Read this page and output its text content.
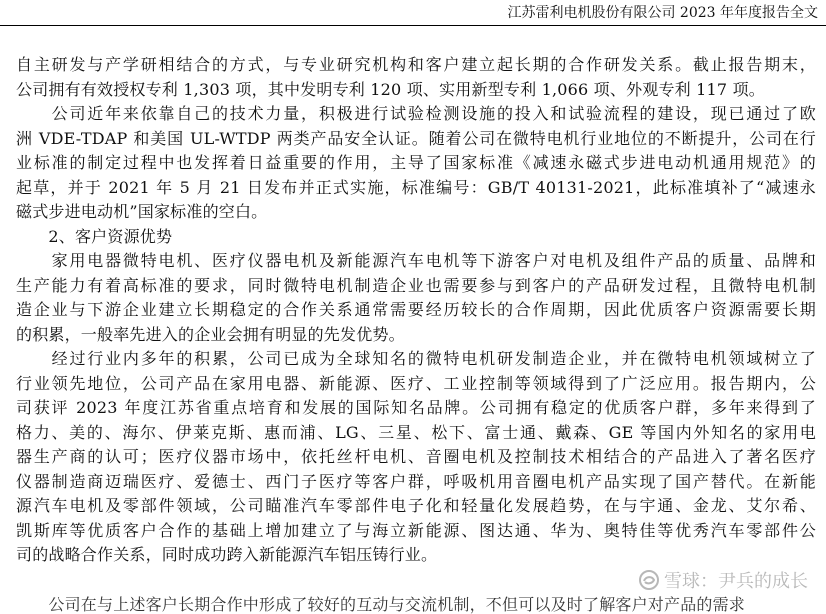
江苏雷利电机股份有限公司 2023 年年度报告全文
自主研发与产学研相结合的方式，与专业研究机构和客户建立起长期的合作研发关系。截止报告期末，
公司拥有有效授权专利 1,303 项，其中发明专利 120 项、实用新型专利 1,066 项、外观专利 117 项。
　　公司近年来依靠自己的技术力量，积极进行试验检测设施的投入和试验流程的建设，现已通过了欧
洲 VDE-TDAP 和美国 UL-WTDP 两类产品安全认证。随着公司在微特电机行业地位的不断提升，公司在行
业标准的制定过程中也发挥着日益重要的作用，主导了国家标准《减速永磁式步进电动机通用规范》的
起草，并于 2021 年 5 月 21 日发布并正式实施，标准编号：GB/T 40131-2021，此标准填补了“减速永
磁式步进电动机”国家标准的空白。
　　2、客户资源优势
　　家用电器微特电机、医疗仪器电机及新能源汽车电机等下游客户对电机及组件产品的质量、品牌和
生产能力有着高标准的要求，同时微特电机制造企业也需要参与到客户的产品研发过程，且微特电机制
造企业与下游企业建立长期稳定的合作关系通常需要经历较长的合作周期，因此优质客户资源需要长期
的积累，一般率先进入的企业会拥有明显的先发优势。
　　经过行业内多年的积累，公司已成为全球知名的微特电机研发制造企业，并在微特电机领域树立了
行业领先地位，公司产品在家用电器、新能源、医疗、工业控制等领域得到了广泛应用。报告期内，公
司获评 2023 年度江苏省重点培育和发展的国际知名品牌。公司拥有稳定的优质客户群，多年来得到了
格力、美的、海尔、伊莱克斯、惠而浦、LG、三星、松下、富士通、戴森、GE 等国内外知名的家用电
器生产商的认可；医疗仪器市场中，依托丝杆电机、音圈电机及控制技术相结合的产品进入了著名医疗
仪器制造商迈瑞医疗、爱德士、西门子医疗等客户群，呼吸机用音圈电机产品实现了国产替代。在新能
源汽车电机及零部件领域，公司瞄准汽车零部件电子化和轻量化发展趋势，在与宇通、金龙、艾尔希、
凯斯库等优质客户合作的基础上增加建立了与海立新能源、图达通、华为、奥特佳等优秀汽车零部件公
司的战略合作关系，同时成功跨入新能源汽车铝压铸行业。
　　公司在与上述客户长期合作中形成了较好的互动与交流机制，不但可以及时了解客户对产品的需求
雪球：尹兵的成长
